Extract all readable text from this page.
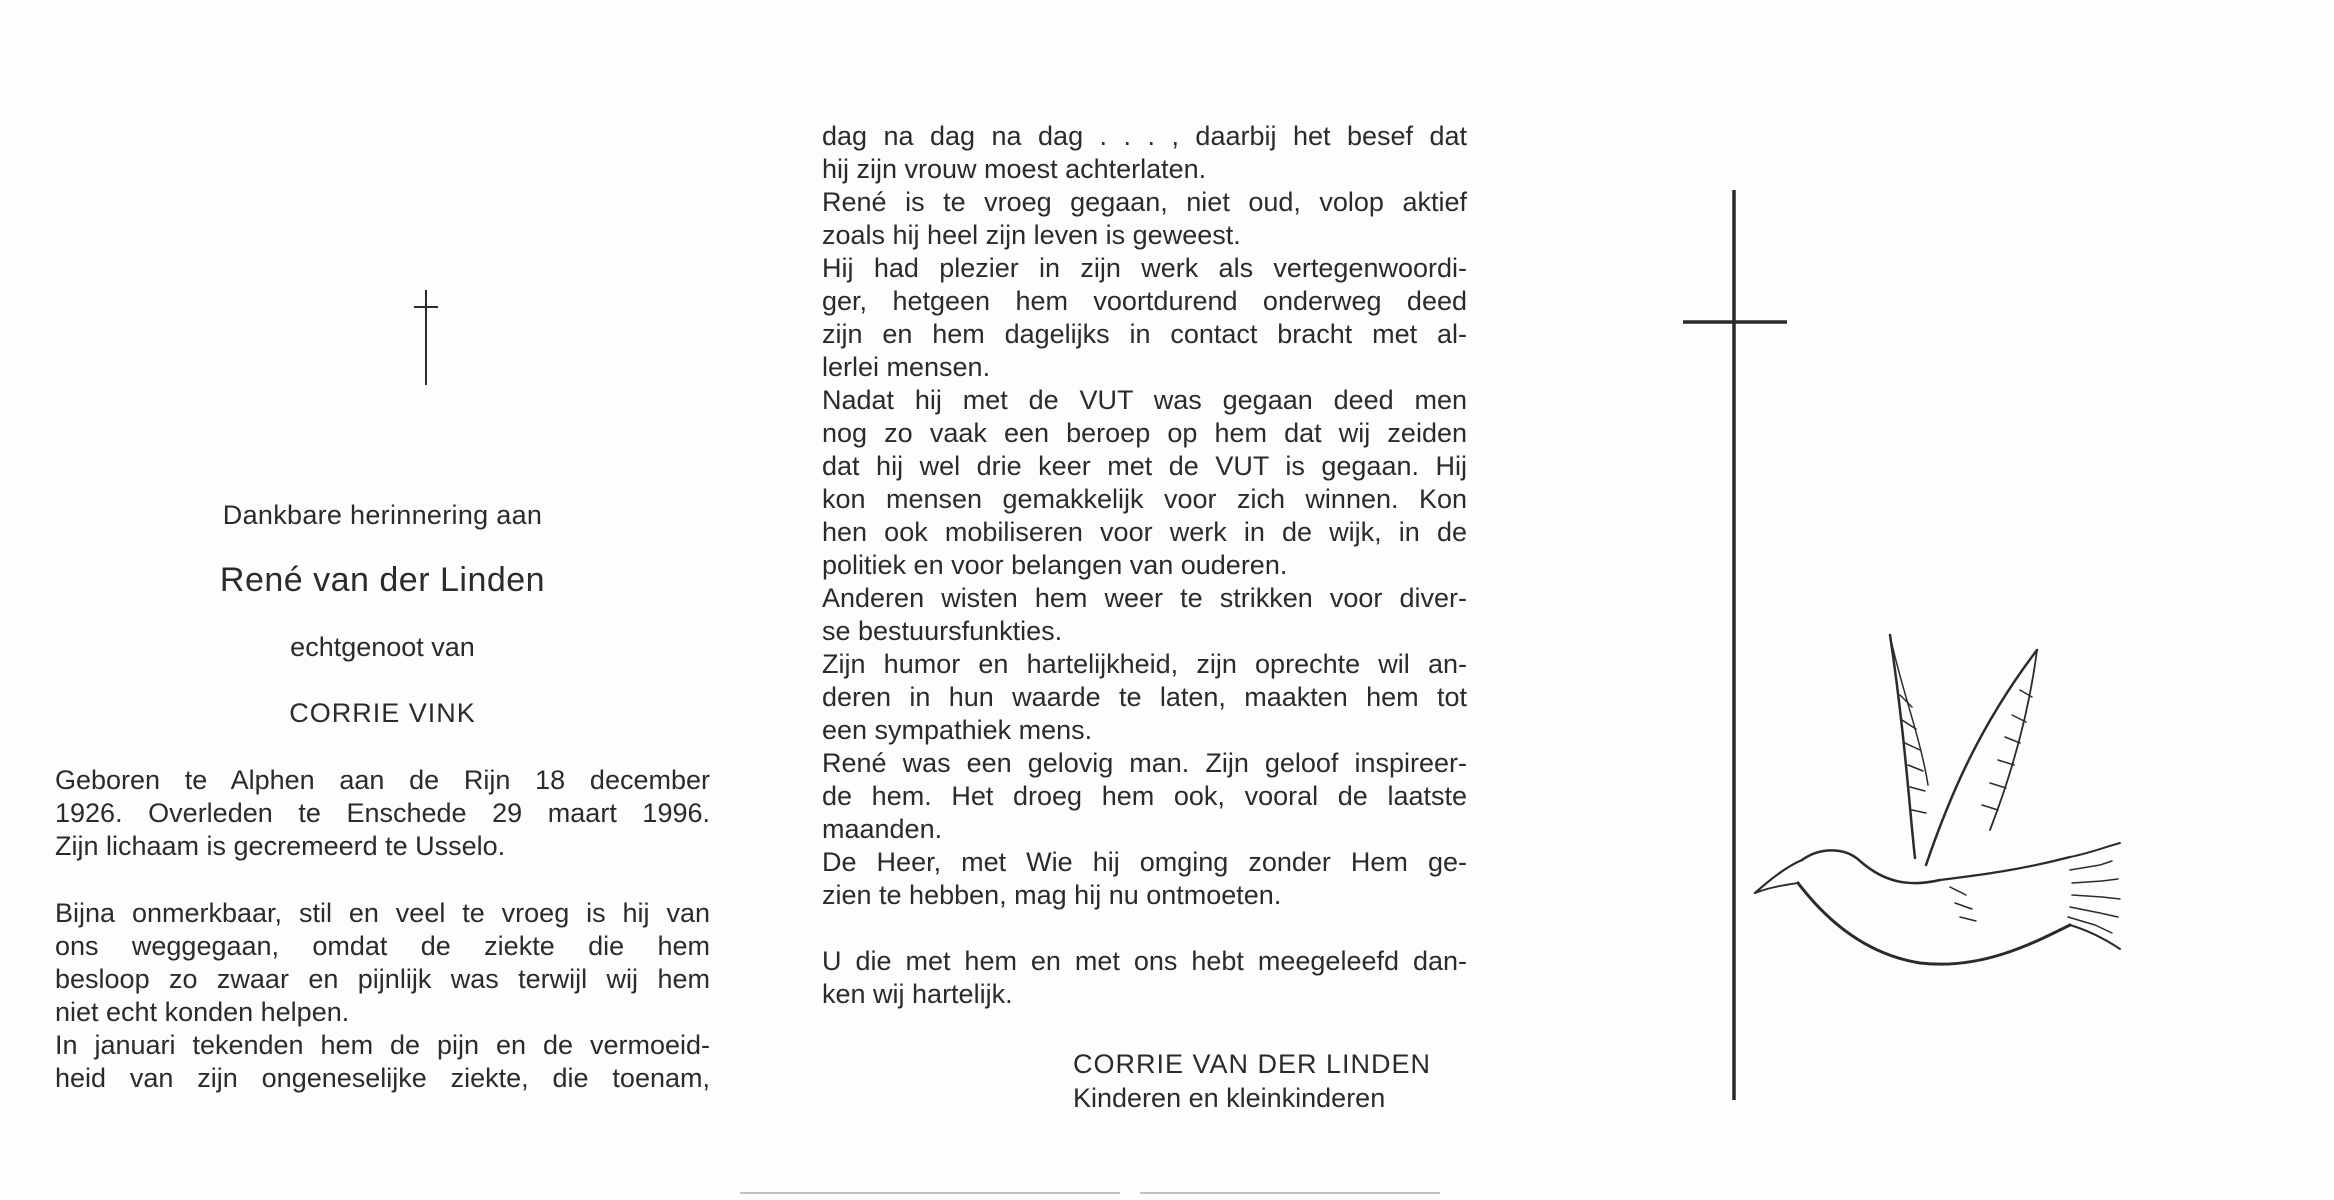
Dankbare herinnering aan
René van der Linden
echtgenoot van
CORRIE VINK
Geboren te Alphen aan de Rijn 18 december
1926. Overleden te Enschede 29 maart 1996.
Zijn lichaam is gecremeerd te Usselo.
Bijna onmerkbaar, stil en veel te vroeg is hij van
ons weggegaan, omdat de ziekte die hem
besloop zo zwaar en pijnlijk was terwijl wij hem
niet echt konden helpen.
In januari tekenden hem de pijn en de vermoeid-
heid van zijn ongeneselijke ziekte, die toenam,
dag na dag na dag . . . , daarbij het besef dat
hij zijn vrouw moest achterlaten.
René is te vroeg gegaan, niet oud, volop aktief
zoals hij heel zijn leven is geweest.
Hij had plezier in zijn werk als vertegenwoordi-
ger, hetgeen hem voortdurend onderweg deed
zijn en hem dagelijks in contact bracht met al-
lerlei mensen.
Nadat hij met de VUT was gegaan deed men
nog zo vaak een beroep op hem dat wij zeiden
dat hij wel drie keer met de VUT is gegaan. Hij
kon mensen gemakkelijk voor zich winnen. Kon
hen ook mobiliseren voor werk in de wijk, in de
politiek en voor belangen van ouderen.
Anderen wisten hem weer te strikken voor diver-
se bestuursfunkties.
Zijn humor en hartelijkheid, zijn oprechte wil an-
deren in hun waarde te laten, maakten hem tot
een sympathiek mens.
René was een gelovig man. Zijn geloof inspireer-
de hem. Het droeg hem ook, vooral de laatste
maanden.
De Heer, met Wie hij omging zonder Hem ge-
zien te hebben, mag hij nu ontmoeten.
U die met hem en met ons hebt meegeleefd dan-
ken wij hartelijk.
CORRIE VAN DER LINDEN
Kinderen en kleinkinderen
